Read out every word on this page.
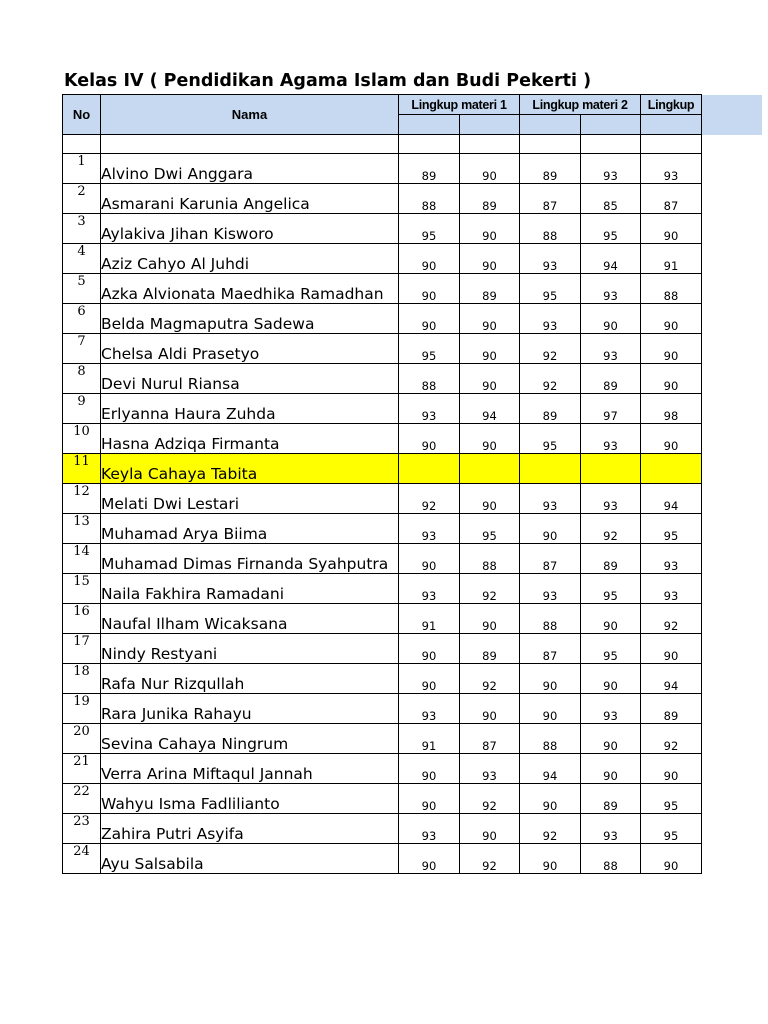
Kelas IV ( Pendidikan Agama Islam dan Budi Pekerti )
No	Nama	Lingkup materi 1		Lingkup materi 2		Lingkup

1	Alvino Dwi Anggara	89	90	89	93	93
2	Asmarani Karunia Angelica	88	89	87	85	87
3	Aylakiva Jihan Kisworo	95	90	88	95	90
4	Aziz Cahyo Al Juhdi	90	90	93	94	91
5	Azka Alvionata Maedhika Ramadhan	90	89	95	93	88
6	Belda Magmaputra Sadewa	90	90	93	90	90
7	Chelsa Aldi Prasetyo	95	90	92	93	90
8	Devi Nurul Riansa	88	90	92	89	90
9	Erlyanna Haura Zuhda	93	94	89	97	98
10	Hasna Adziqa Firmanta	90	90	95	93	90
11	Keyla Cahaya Tabita					
12	Melati Dwi Lestari	92	90	93	93	94
13	Muhamad Arya Biima	93	95	90	92	95
14	Muhamad Dimas Firnanda Syahputra	90	88	87	89	93
15	Naila Fakhira Ramadani	93	92	93	95	93
16	Naufal Ilham Wicaksana	91	90	88	90	92
17	Nindy Restyani	90	89	87	95	90
18	Rafa Nur Rizqullah	90	92	90	90	94
19	Rara Junika Rahayu	93	90	90	93	89
20	Sevina Cahaya Ningrum	91	87	88	90	92
21	Verra Arina Miftaqul Jannah	90	93	94	90	90
22	Wahyu Isma Fadlilianto	90	92	90	89	95
23	Zahira Putri Asyifa	93	90	92	93	95
24	Ayu Salsabila	90	92	90	88	90
